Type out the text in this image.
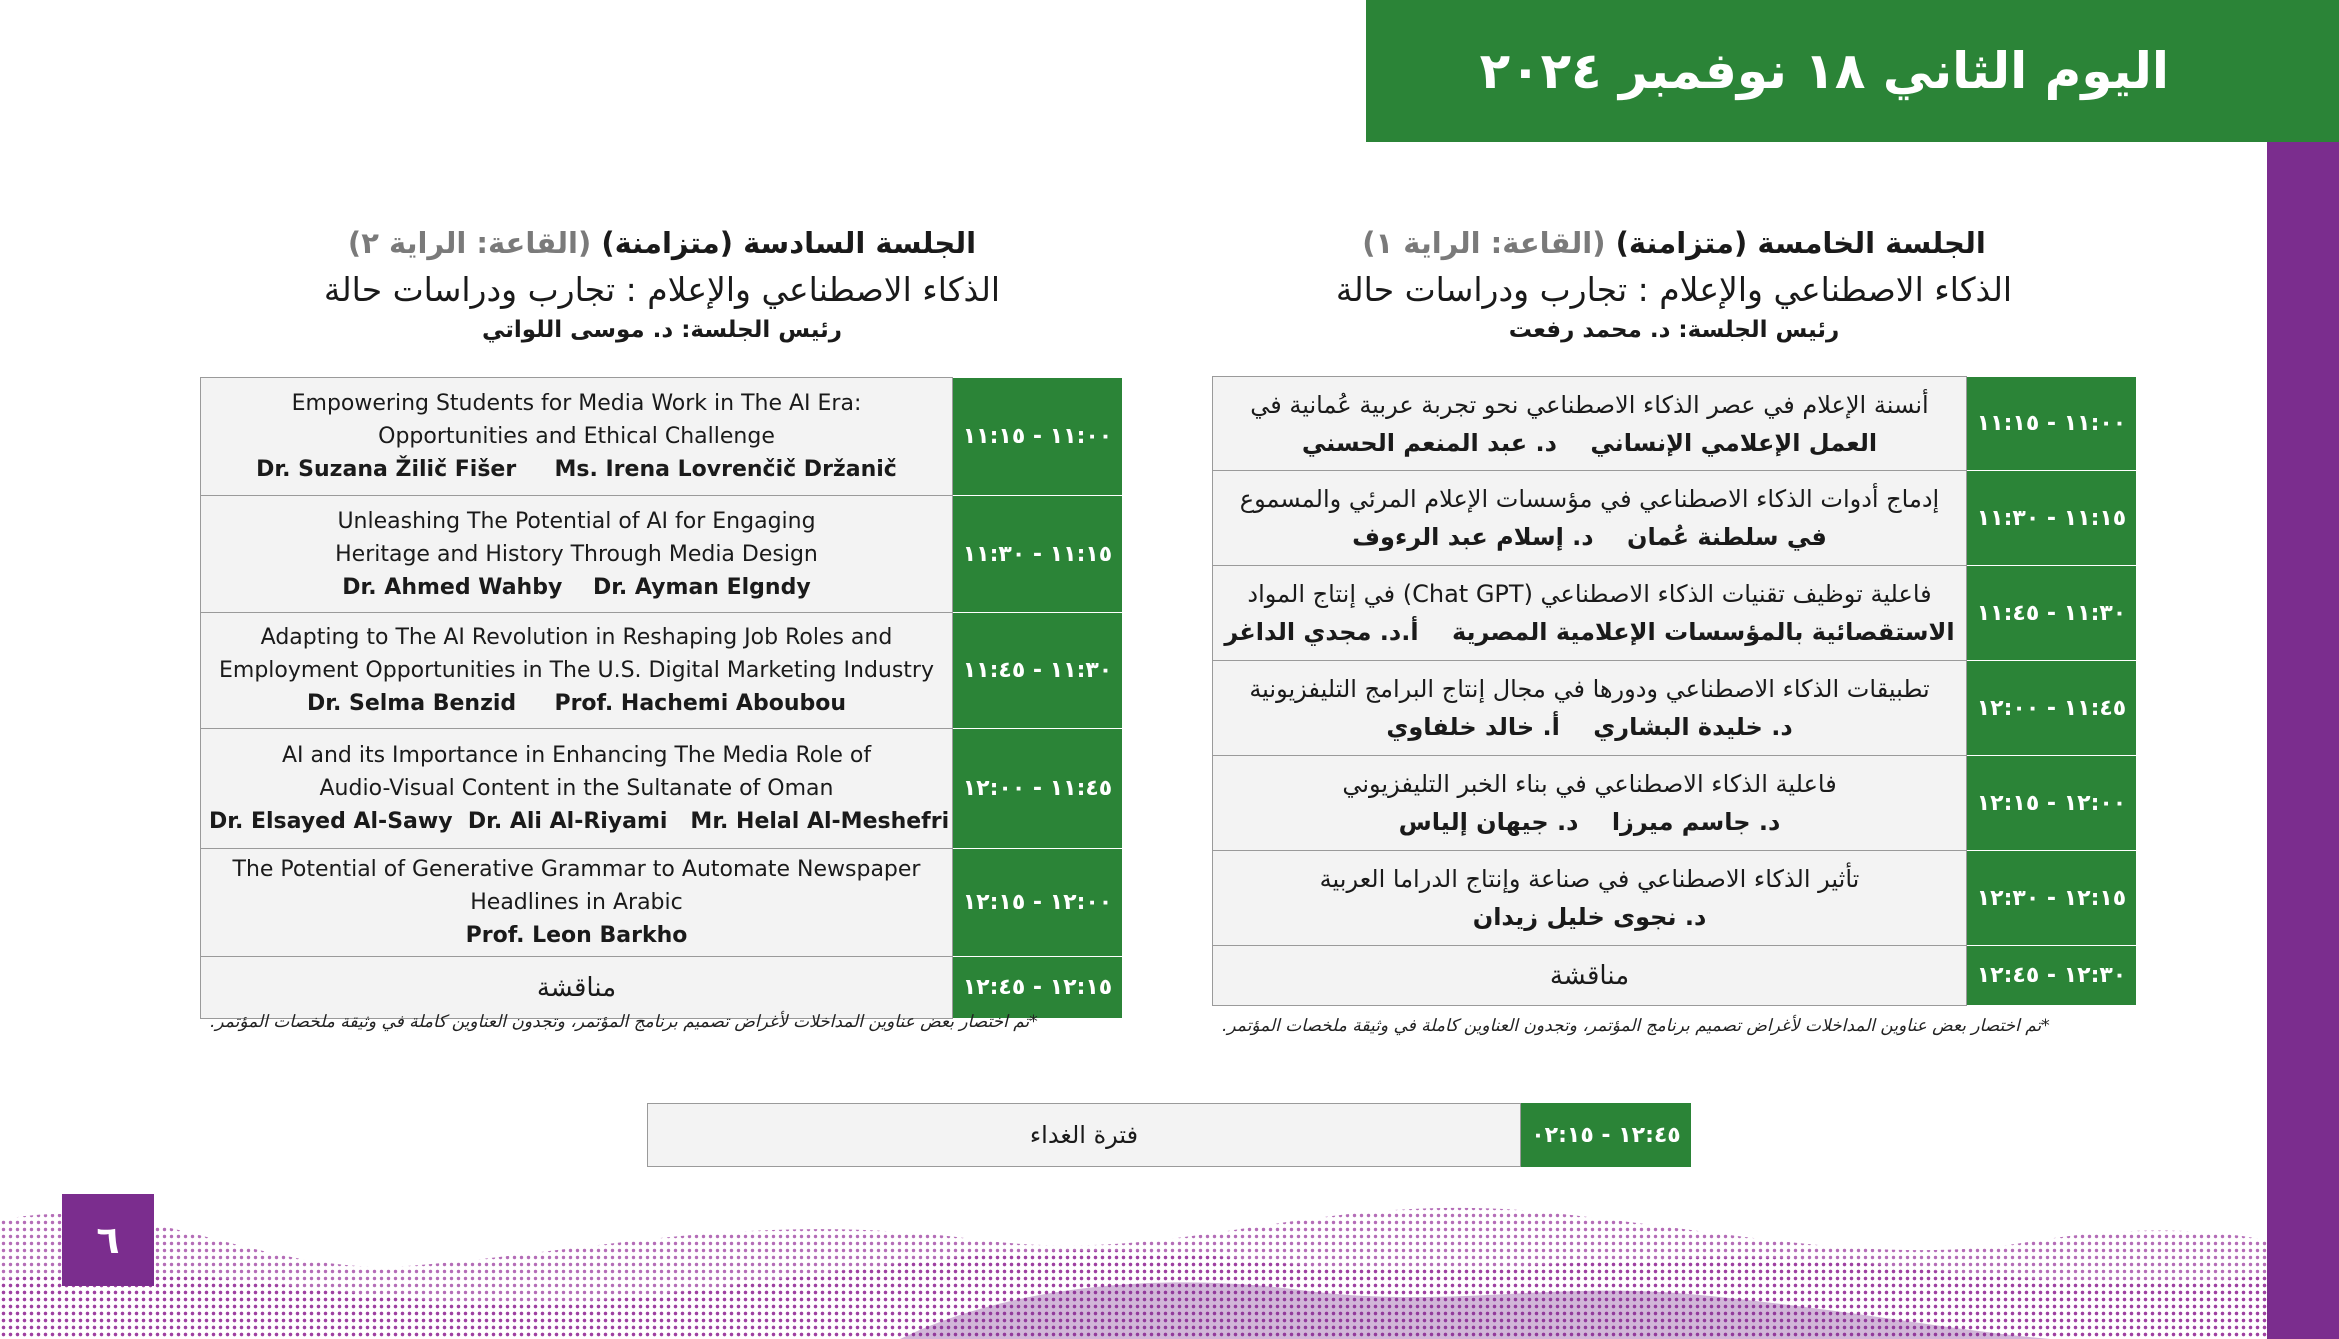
اليوم الثاني ١٨ نوفمبر ٢٠٢٤
الجلسة الخامسة (متزامنة) (القاعة: الراية ١)
الذكاء الاصطناعي والإعلام : تجارب ودراسات حالة
رئيس الجلسة: د. محمد رفعت
الجلسة السادسة (متزامنة) (القاعة: الراية ٢)
الذكاء الاصطناعي والإعلام : تجارب ودراسات حالة
رئيس الجلسة: د. موسى اللواتي
أنسنة الإعلام في عصر الذكاء الاصطناعي نحو تجربة عربية عُمانية في
العمل الإعلامي الإنساني    د. عبد المنعم الحسني	١١:٠٠ - ١١:١٥

إدماج أدوات الذكاء الاصطناعي في مؤسسات الإعلام المرئي والمسموع
في سلطنة عُمان    د. إسلام عبد الرءوف	١١:١٥ - ١١:٣٠

فاعلية توظيف تقنيات الذكاء الاصطناعي (Chat GPT) في إنتاج المواد
الاستقصائية بالمؤسسات الإعلامية المصرية    أ.د. مجدي الداغر	١١:٣٠ - ١١:٤٥

تطبيقات الذكاء الاصطناعي ودورها في مجال إنتاج البرامج التليفزيونية
د. خليدة البشاري    أ. خالد خلفاوي	١١:٤٥ - ١٢:٠٠

فاعلية الذكاء الاصطناعي في بناء الخبر التليفزيوني
د. جاسم ميرزا    د. جيهان إلياس	١٢:٠٠ - ١٢:١٥

تأثير الذكاء الاصطناعي في صناعة وإنتاج الدراما العربية
د. نجوى خليل زيدان	١٢:١٥ - ١٢:٣٠
مناقشة	١٢:٣٠ - ١٢:٤٥
*تم اختصار بعض عناوين المداخلات لأغراض تصميم برنامج المؤتمر، وتجدون العناوين كاملة في وثيقة ملخصات المؤتمر.
Empowering Students for Media Work in The AI Era: Opportunities and Ethical Challenge
Dr. Suzana Žilič Fišer     Ms. Irena Lovrenčič Držanič	١١:٠٠ - ١١:١٥

Unleashing The Potential of AI for Engaging Heritage and History Through Media Design
Dr. Ahmed Wahby    Dr. Ayman Elgndy	١١:١٥ - ١١:٣٠

Adapting to The AI Revolution in Reshaping Job Roles and Employment Opportunities in The U.S. Digital Marketing Industry
Dr. Selma Benzid     Prof. Hachemi Aboubou	١١:٣٠ - ١١:٤٥

AI and its Importance in Enhancing The Media Role of Audio-Visual Content in the Sultanate of Oman
Dr. Elsayed Al-Sawy  Dr. Ali Al-Riyami   Mr. Helal Al-Meshefri	١١:٤٥ - ١٢:٠٠

The Potential of Generative Grammar to Automate Newspaper Headlines in Arabic
Prof. Leon Barkho	١٢:٠٠ - ١٢:١٥
مناقشة	١٢:١٥ - ١٢:٤٥
*تم اختصار بعض عناوين المداخلات لأغراض تصميم برنامج المؤتمر، وتجدون العناوين كاملة في وثيقة ملخصات المؤتمر.
فترة الغداء	١٢:٤٥ - ٠٢:١٥
٦
